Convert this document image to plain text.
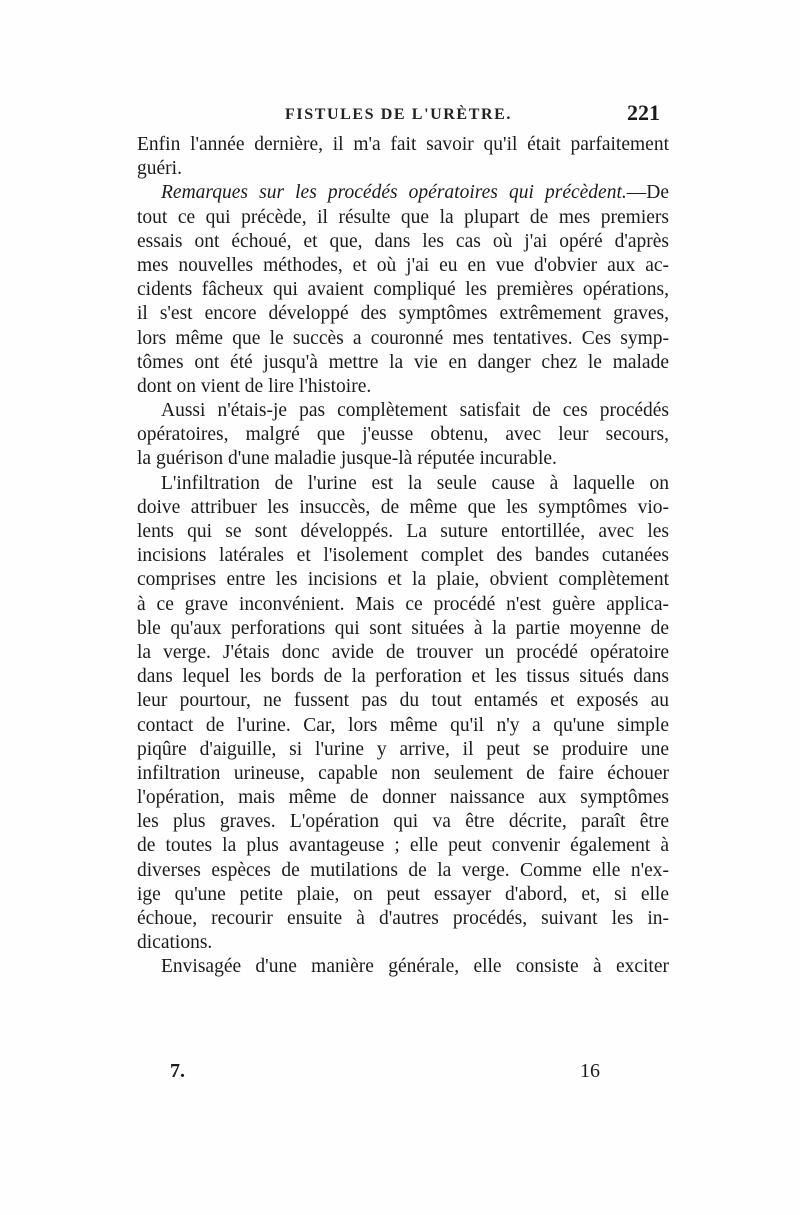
FISTULES DE L'URÈTRE.	221
Enfin l'année dernière, il m'a fait savoir qu'il était parfaitement
guéri.
Remarques sur les procédés opératoires qui précèdent.—De
tout ce qui précède, il résulte que la plupart de mes premiers
essais ont échoué, et que, dans les cas où j'ai opéré d'après
mes nouvelles méthodes, et où j'ai eu en vue d'obvier aux ac-
cidents fâcheux qui avaient compliqué les premières opérations,
il s'est encore développé des symptômes extrêmement graves,
lors même que le succès a couronné mes tentatives. Ces symp-
tômes ont été jusqu'à mettre la vie en danger chez le malade
dont on vient de lire l'histoire.
Aussi n'étais-je pas complètement satisfait de ces procédés
opératoires, malgré que j'eusse obtenu, avec leur secours,
la guérison d'une maladie jusque-là réputée incurable.
L'infiltration de l'urine est la seule cause à laquelle on
doive attribuer les insuccès, de même que les symptômes vio-
lents qui se sont développés. La suture entortillée, avec les
incisions latérales et l'isolement complet des bandes cutanées
comprises entre les incisions et la plaie, obvient complètement
à ce grave inconvénient. Mais ce procédé n'est guère applica-
ble qu'aux perforations qui sont situées à la partie moyenne de
la verge. J'étais donc avide de trouver un procédé opératoire
dans lequel les bords de la perforation et les tissus situés dans
leur pourtour, ne fussent pas du tout entamés et exposés au
contact de l'urine. Car, lors même qu'il n'y a qu'une simple
piqûre d'aiguille, si l'urine y arrive, il peut se produire une
infiltration urineuse, capable non seulement de faire échouer
l'opération, mais même de donner naissance aux symptômes
les plus graves. L'opération qui va être décrite, paraît être
de toutes la plus avantageuse ; elle peut convenir également à
diverses espèces de mutilations de la verge. Comme elle n'ex-
ige qu'une petite plaie, on peut essayer d'abord, et, si elle
échoue, recourir ensuite à d'autres procédés, suivant les in-
dications.
Envisagée d'une manière générale, elle consiste à exciter
7.	16
